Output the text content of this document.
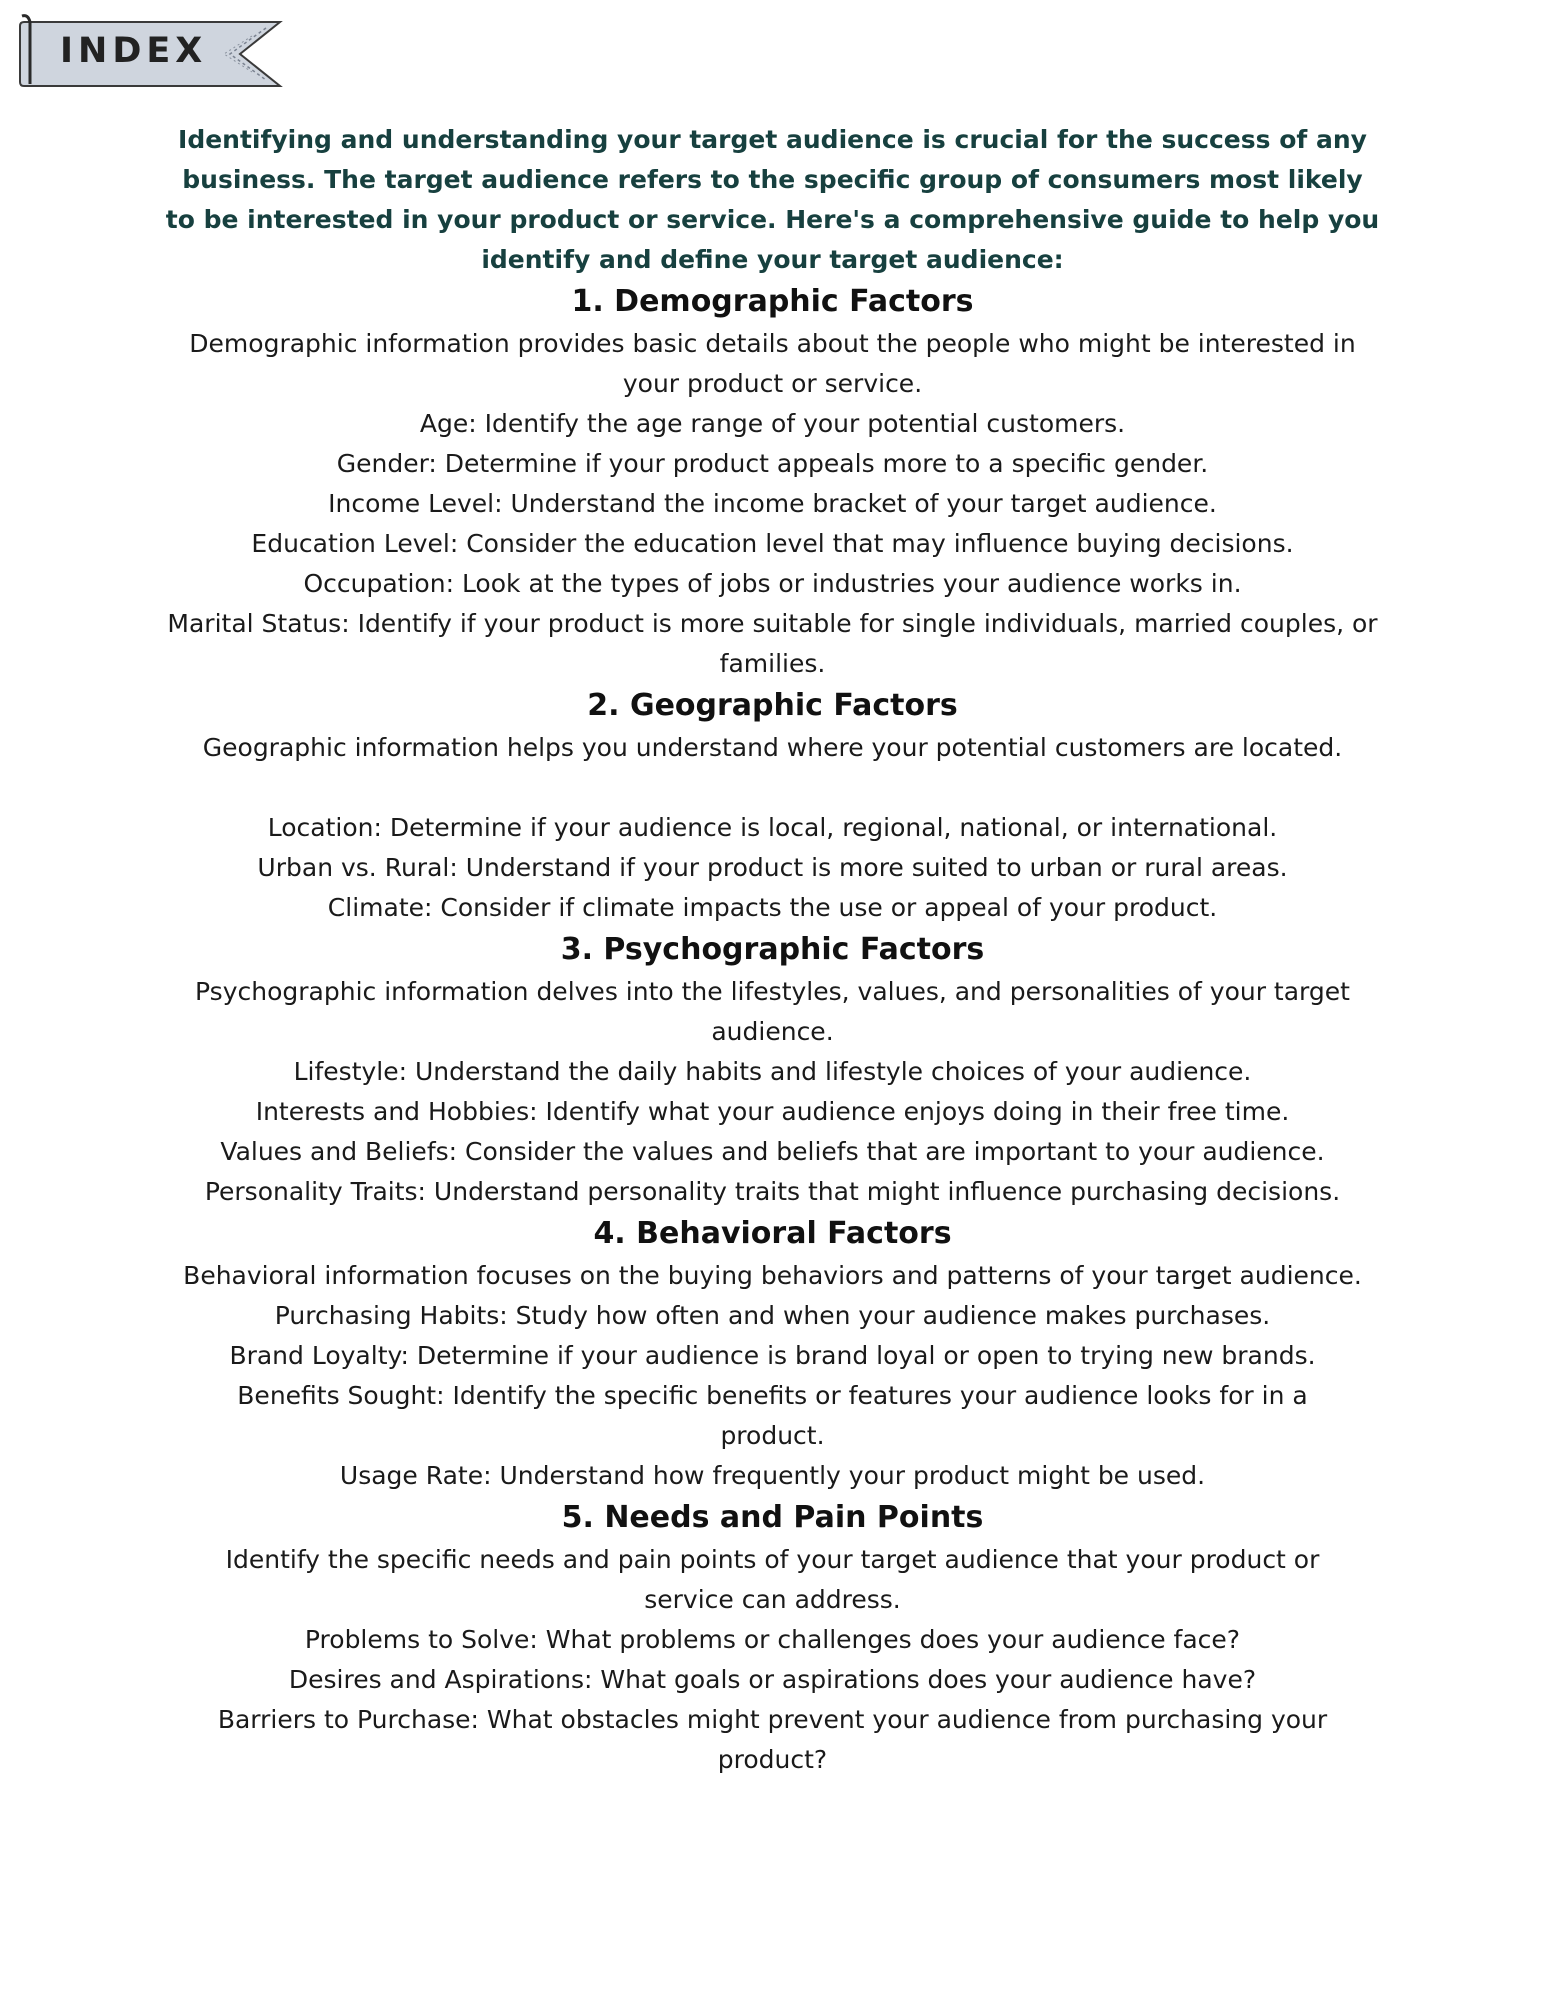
INDEX

Identifying and understanding your target audience is crucial for the success of any business. The target audience refers to the specific group of consumers most likely to be interested in your product or service. Here's a comprehensive guide to help you identify and define your target audience:

1. Demographic Factors

Demographic information provides basic details about the people who might be interested in your product or service.

Age: Identify the age range of your potential customers.

Gender: Determine if your product appeals more to a specific gender.

Income Level: Understand the income bracket of your target audience.

Education Level: Consider the education level that may influence buying decisions.

Occupation: Look at the types of jobs or industries your audience works in.

Marital Status: Identify if your product is more suitable for single individuals, married couples, or families.

2. Geographic Factors

Geographic information helps you understand where your potential customers are located.

Location: Determine if your audience is local, regional, national, or international.

Urban vs. Rural: Understand if your product is more suited to urban or rural areas.

Climate: Consider if climate impacts the use or appeal of your product.

3. Psychographic Factors

Psychographic information delves into the lifestyles, values, and personalities of your target audience.

Lifestyle: Understand the daily habits and lifestyle choices of your audience.

Interests and Hobbies: Identify what your audience enjoys doing in their free time.

Values and Beliefs: Consider the values and beliefs that are important to your audience.

Personality Traits: Understand personality traits that might influence purchasing decisions.

4. Behavioral Factors

Behavioral information focuses on the buying behaviors and patterns of your target audience.

Purchasing Habits: Study how often and when your audience makes purchases.

Brand Loyalty: Determine if your audience is brand loyal or open to trying new brands.

Benefits Sought: Identify the specific benefits or features your audience looks for in a product.

Usage Rate: Understand how frequently your product might be used.

5. Needs and Pain Points

Identify the specific needs and pain points of your target audience that your product or service can address.

Problems to Solve: What problems or challenges does your audience face?

Desires and Aspirations: What goals or aspirations does your audience have?

Barriers to Purchase: What obstacles might prevent your audience from purchasing your product?
